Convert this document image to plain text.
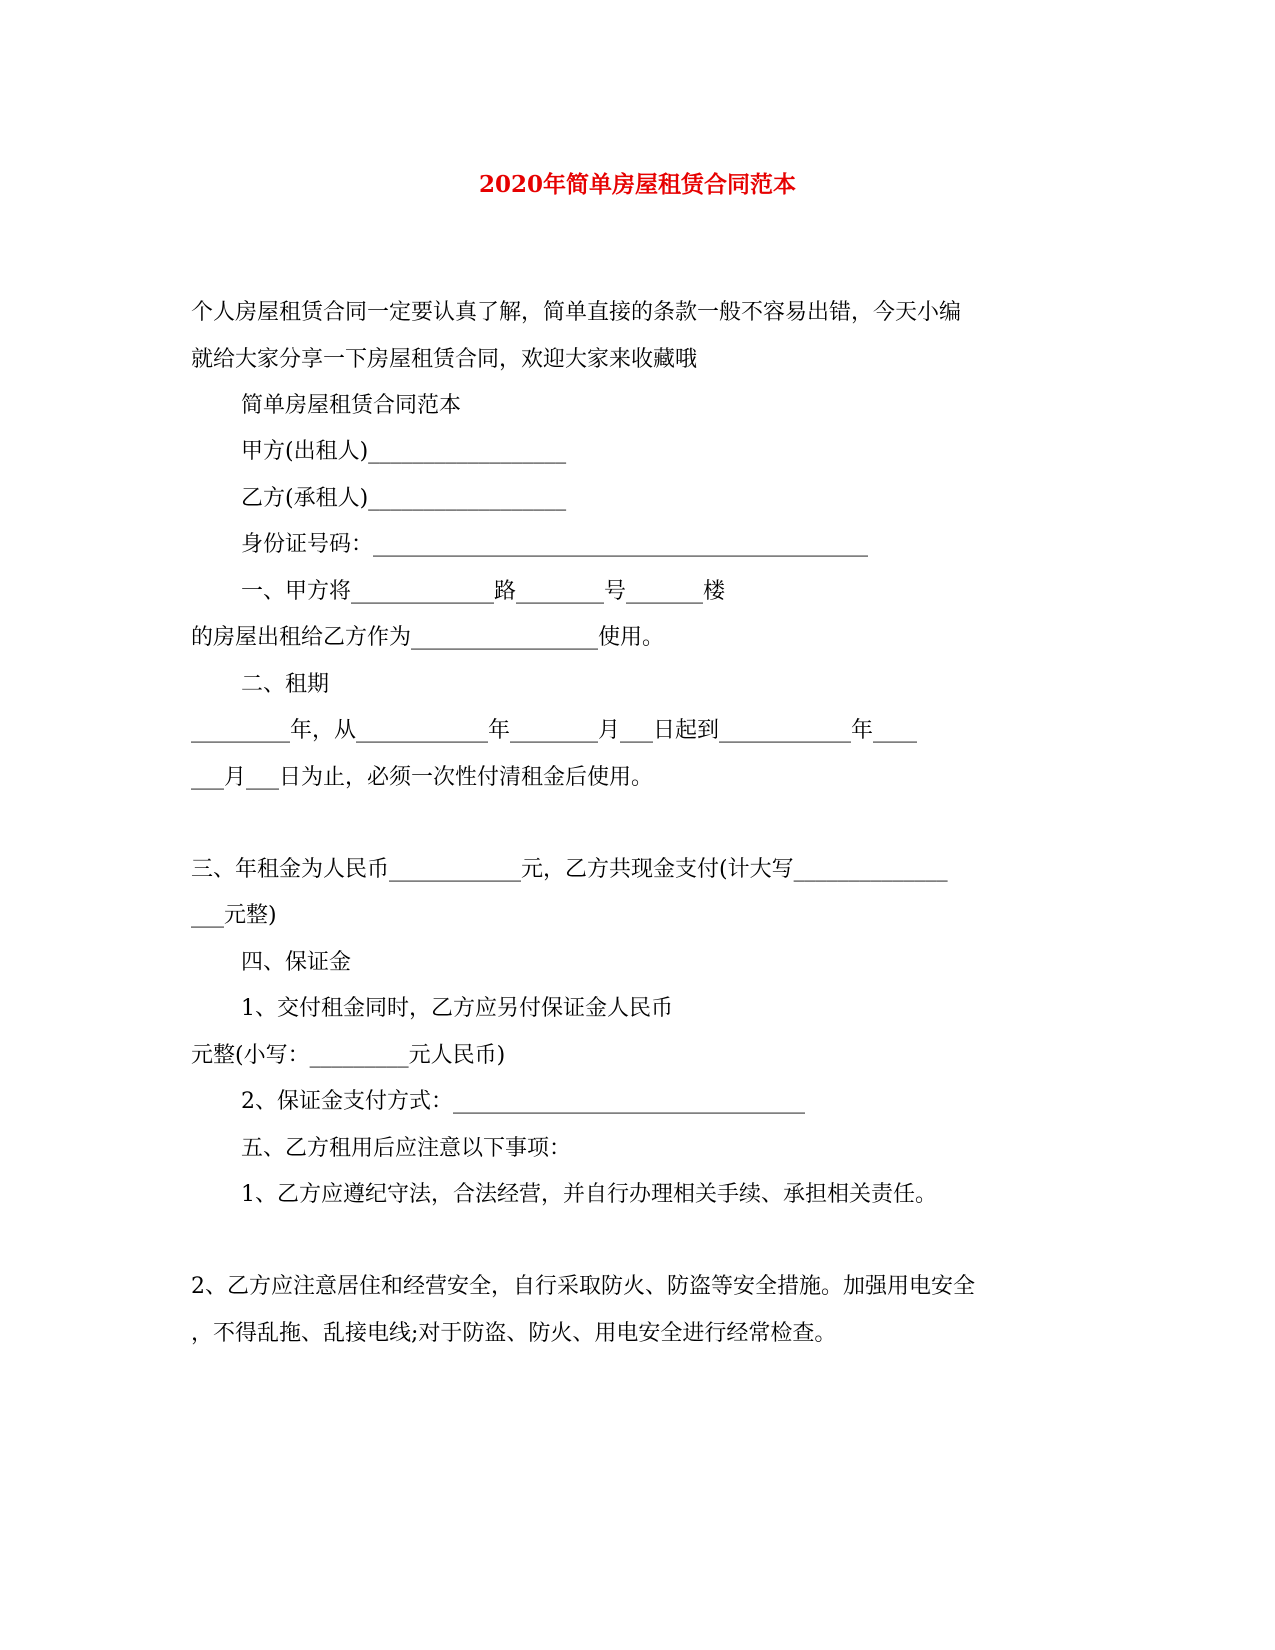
2020年简单房屋租赁合同范本
个人房屋租赁合同一定要认真了解，简单直接的条款一般不容易出错，今天小编
就给大家分享一下房屋租赁合同，欢迎大家来收藏哦
简单房屋租赁合同范本
甲方(出租人)__________________
乙方(承租人)__________________
身份证号码：_____________________________________________
一、甲方将_____________路________号_______楼
的房屋出租给乙方作为_________________使用。
二、租期
_________年，从____________年________月___日起到____________年____
___月___日为止，必须一次性付清租金后使用。
三、年租金为人民币____________元，乙方共现金支付(计大写______________
___元整)
四、保证金
1、交付租金同时，乙方应另付保证金人民币
元整(小写：_________元人民币)
2、保证金支付方式：________________________________
五、乙方租用后应注意以下事项：
1、乙方应遵纪守法，合法经营，并自行办理相关手续、承担相关责任。
2、乙方应注意居住和经营安全，自行采取防火、防盗等安全措施。加强用电安全
，不得乱拖、乱接电线;对于防盗、防火、用电安全进行经常检查。
